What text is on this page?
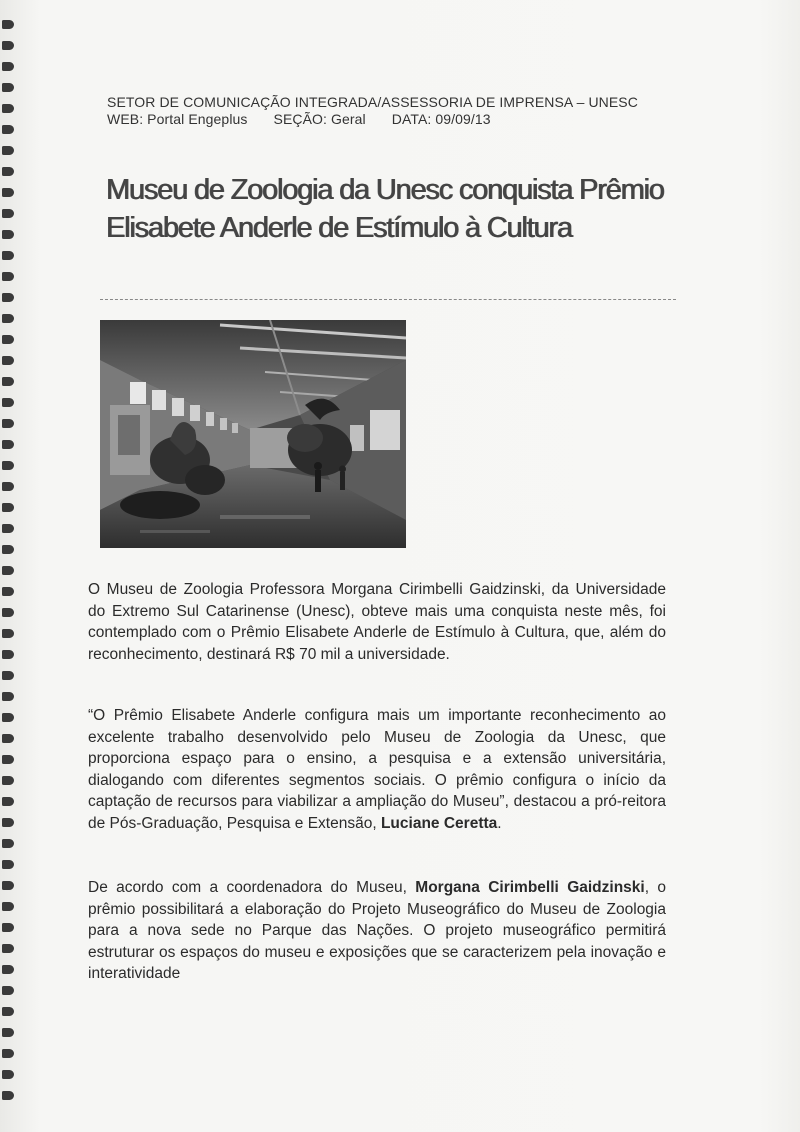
SETOR DE COMUNICAÇÃO INTEGRADA/ASSESSORIA DE IMPRENSA – UNESC
WEB: Portal Engeplus SEÇÃO: Geral DATA: 09/09/13
Museu de Zoologia da Unesc conquista Prêmio Elisabete Anderle de Estímulo à Cultura

O Museu de Zoologia Professora Morgana Cirimbelli Gaidzinski, da Universidade do Extremo Sul Catarinense (Unesc), obteve mais uma conquista neste mês, foi contemplado com o Prêmio Elisabete Anderle de Estímulo à Cultura, que, além do reconhecimento, destinará R$ 70 mil a universidade.

“O Prêmio Elisabete Anderle configura mais um importante reconhecimento ao excelente trabalho desenvolvido pelo Museu de Zoologia da Unesc, que proporciona espaço para o ensino, a pesquisa e a extensão universitária, dialogando com diferentes segmentos sociais. O prêmio configura o início da captação de recursos para viabilizar a ampliação do Museu”, destacou a pró-reitora de Pós-Graduação, Pesquisa e Extensão, Luciane Ceretta.

De acordo com a coordenadora do Museu, Morgana Cirimbelli Gaidzinski, o prêmio possibilitará a elaboração do Projeto Museográfico do Museu de Zoologia para a nova sede no Parque das Nações. O projeto museográfico permitirá estruturar os espaços do museu e exposições que se caracterizem pela inovação e interatividade
